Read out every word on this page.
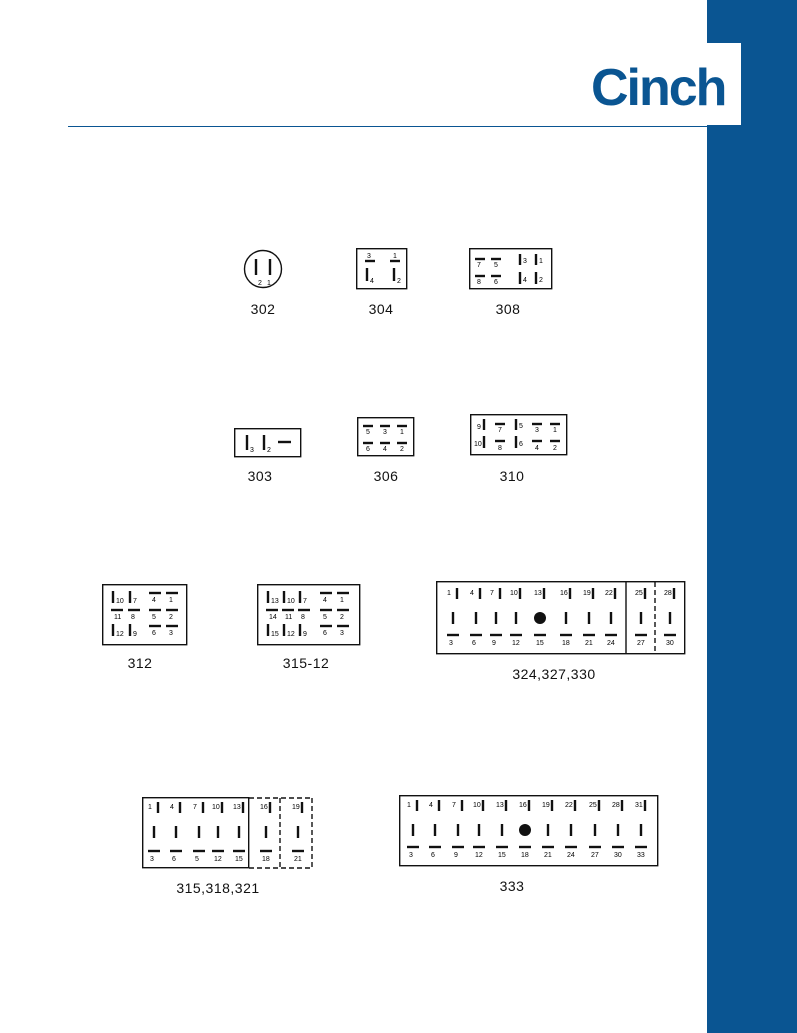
Cinch
2 1
302
3	1
4	2
304
7 5
3 1
8 6	4 2
308
3 2
303
5 3 1
6 4 2
306
9 7
5
3 1
10
8
6
4 2
310
10 7 4 1
11 8 5 2
12 9 6 3
312
13 10 7 4 1
14 11 8	5 2
15 12 9 6 3
315-12
1
3
4
6
7
9
10
12
13
15
16
18
19
21
22
24
25
27
28
30
324,327,330
1
3
4
6
7
5
10
12
13
15
16
18
19
21
315,318,321
1
3
4
6
7
9
10
12
13
15
16
18
19
21
22
24
25
27
28
30
31
33
333
